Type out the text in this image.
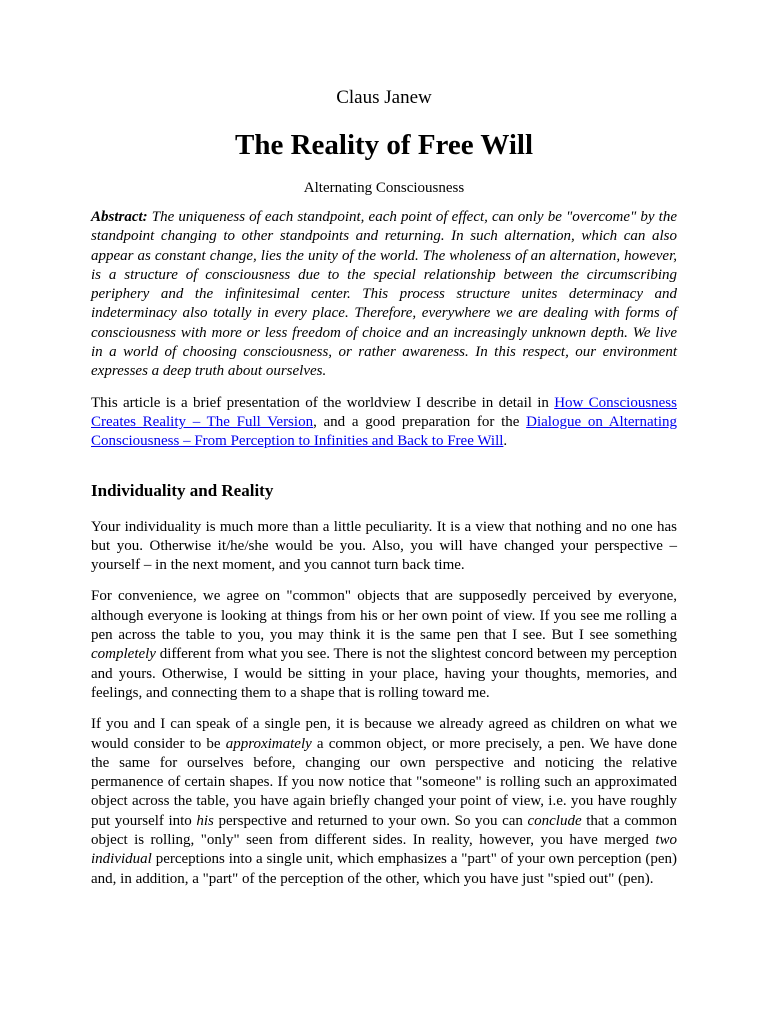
Claus Janew

The Reality of Free Will

Alternating Consciousness

Abstract: The uniqueness of each standpoint, each point of effect, can only be "overcome" by the standpoint changing to other standpoints and returning. In such alternation, which can also appear as constant change, lies the unity of the world. The wholeness of an alternation, however, is a structure of consciousness due to the special relationship between the circumscribing periphery and the infinitesimal center. This process structure unites determinacy and indeterminacy also totally in every place. Therefore, everywhere we are dealing with forms of consciousness with more or less freedom of choice and an increasingly unknown depth. We live in a world of choosing consciousness, or rather awareness. In this respect, our environment expresses a deep truth about ourselves.

This article is a brief presentation of the worldview I describe in detail in How Consciousness Creates Reality – The Full Version, and a good preparation for the Dialogue on Alternating Consciousness – From Perception to Infinities and Back to Free Will.

Individuality and Reality

Your individuality is much more than a little peculiarity. It is a view that nothing and no one has but you. Otherwise it/he/she would be you. Also, you will have changed your perspective – yourself – in the next moment, and you cannot turn back time.

For convenience, we agree on "common" objects that are supposedly perceived by everyone, although everyone is looking at things from his or her own point of view. If you see me rolling a pen across the table to you, you may think it is the same pen that I see. But I see something completely different from what you see. There is not the slightest concord between my perception and yours. Otherwise, I would be sitting in your place, having your thoughts, memories, and feelings, and connecting them to a shape that is rolling toward me.

If you and I can speak of a single pen, it is because we already agreed as children on what we would consider to be approximately a common object, or more precisely, a pen. We have done the same for ourselves before, changing our own perspective and noticing the relative permanence of certain shapes. If you now notice that "someone" is rolling such an approximated object across the table, you have again briefly changed your point of view, i.e. you have roughly put yourself into his perspective and returned to your own. So you can conclude that a common object is rolling, "only" seen from different sides. In reality, however, you have merged two individual perceptions into a single unit, which emphasizes a "part" of your own perception (pen) and, in addition, a "part" of the perception of the other, which you have just "spied out" (pen).
